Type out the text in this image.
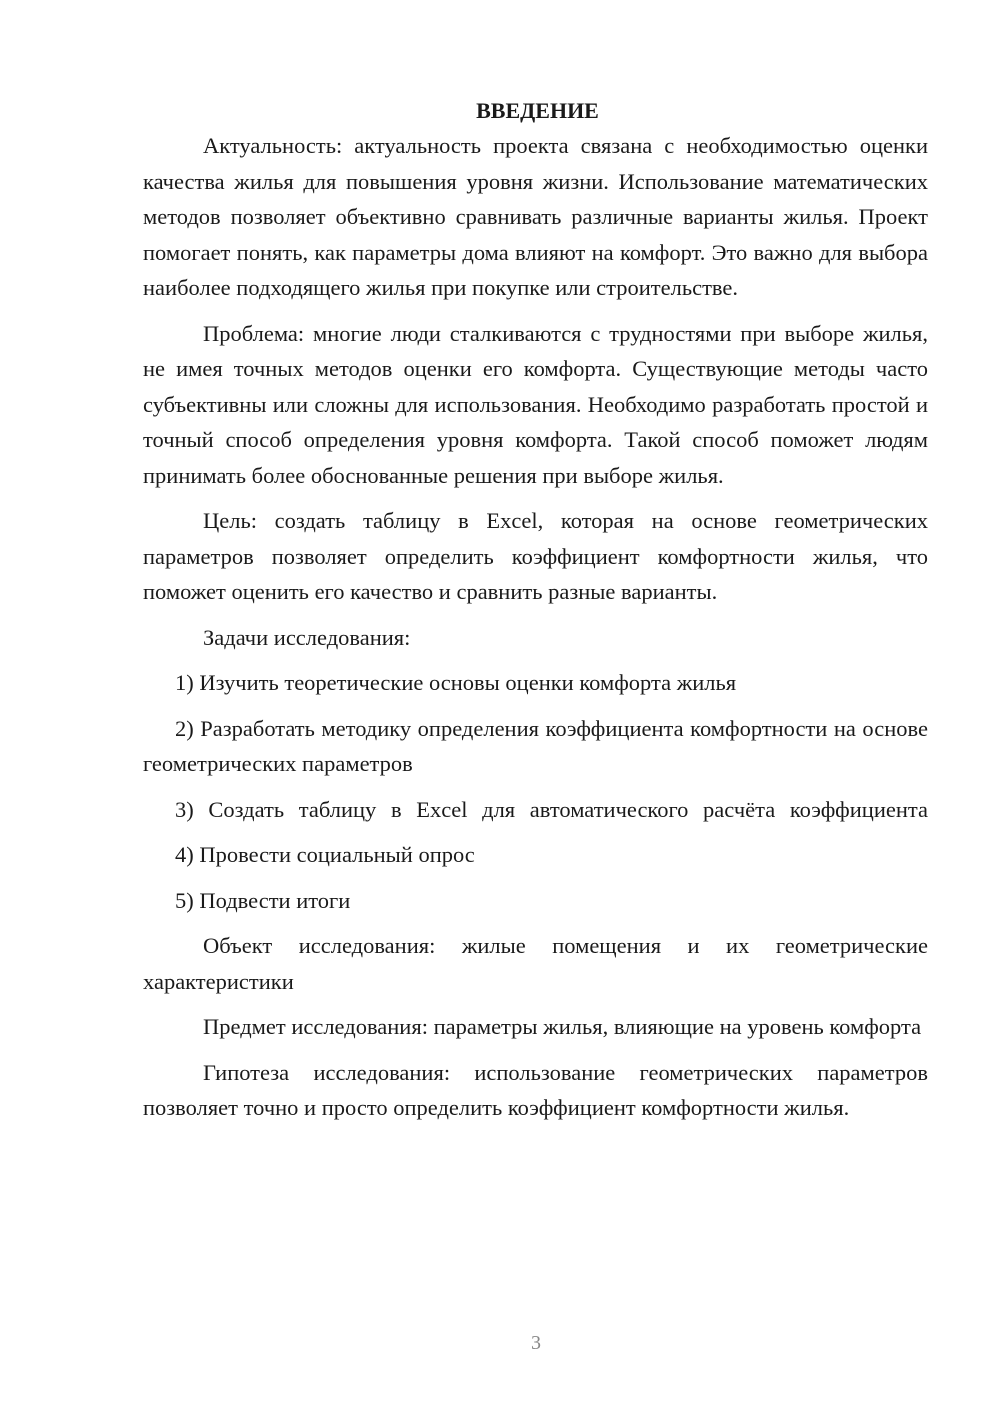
ВВЕДЕНИЕ

Актуальность: актуальность проекта связана с необходимостью оценки качества жилья для повышения уровня жизни. Использование математических методов позволяет объективно сравнивать различные варианты жилья. Проект помогает понять, как параметры дома влияют на комфорт. Это важно для выбора наиболее подходящего жилья при покупке или строительстве.

Проблема: многие люди сталкиваются с трудностями при выборе жилья, не имея точных методов оценки его комфорта. Существующие методы часто субъективны или сложны для использования. Необходимо разработать простой и точный способ определения уровня комфорта. Такой способ поможет людям принимать более обоснованные решения при выборе жилья.

Цель: создать таблицу в Excel, которая на основе геометрических параметров позволяет определить коэффициент комфортности жилья, что поможет оценить его качество и сравнить разные варианты.

Задачи исследования:

1) Изучить теоретические основы оценки комфорта жилья

2) Разработать методику определения коэффициента комфортности на основе геометрических параметров

3) Создать таблицу в Excel для автоматического расчёта коэффициента

4) Провести социальный опрос

5) Подвести итоги

Объект исследования: жилые помещения и их геометрические характеристики

Предмет исследования: параметры жилья, влияющие на уровень комфорта

Гипотеза исследования: использование геометрических параметров позволяет точно и просто определить коэффициент комфортности жилья.

3
